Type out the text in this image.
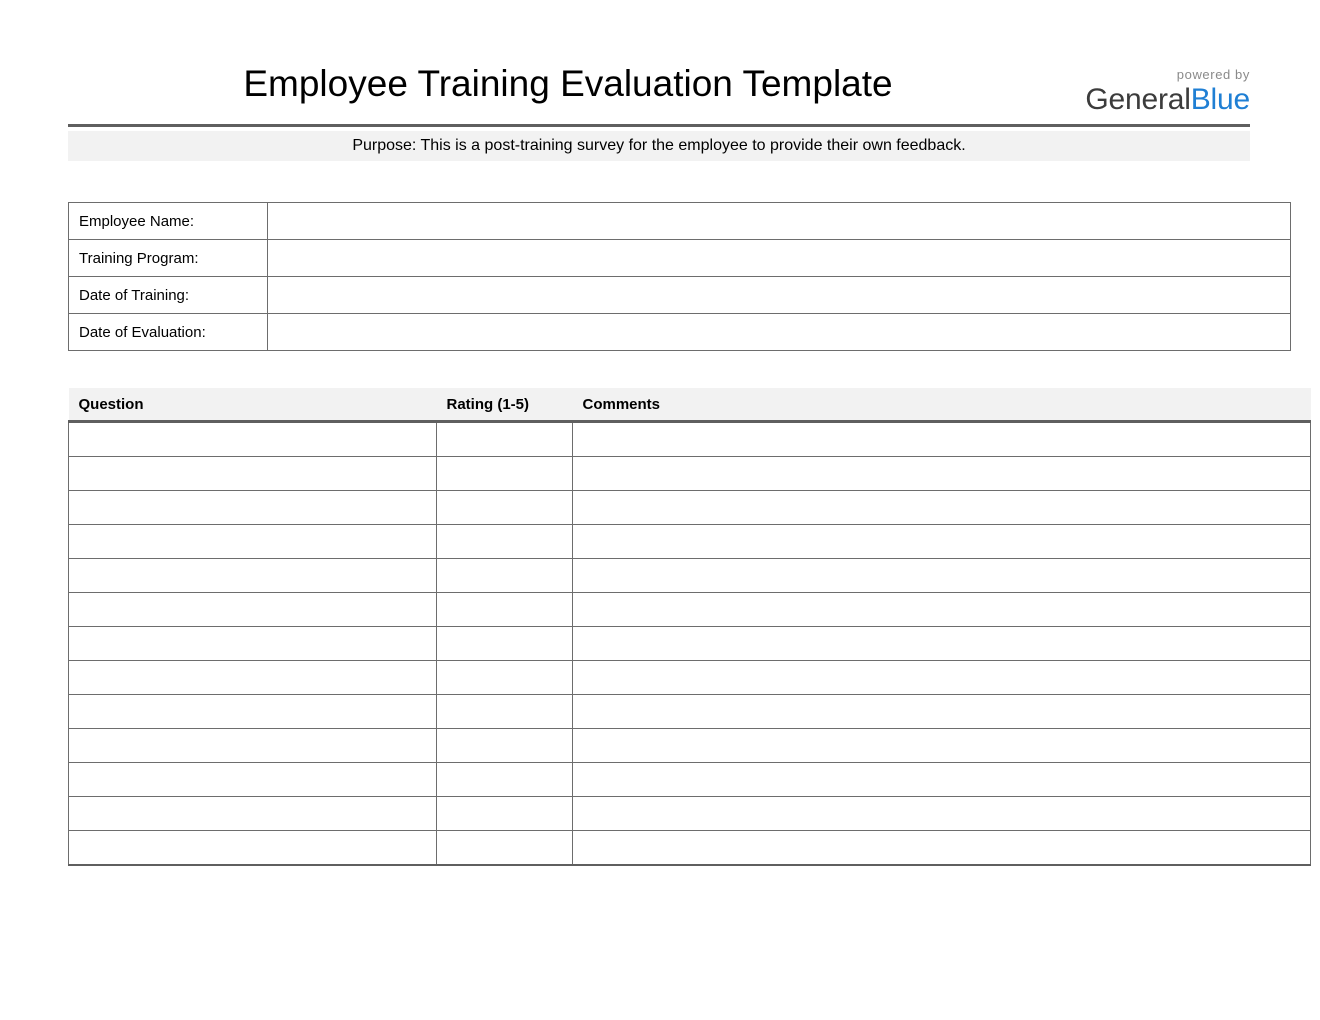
Employee Training Evaluation Template	powered by
GeneralBlue
Purpose: This is a post-training survey for the employee to provide their own feedback.
Employee Name:	
Training Program:	
Date of Training:	
Date of Evaluation:	
Question	Rating (1-5)	Comments
